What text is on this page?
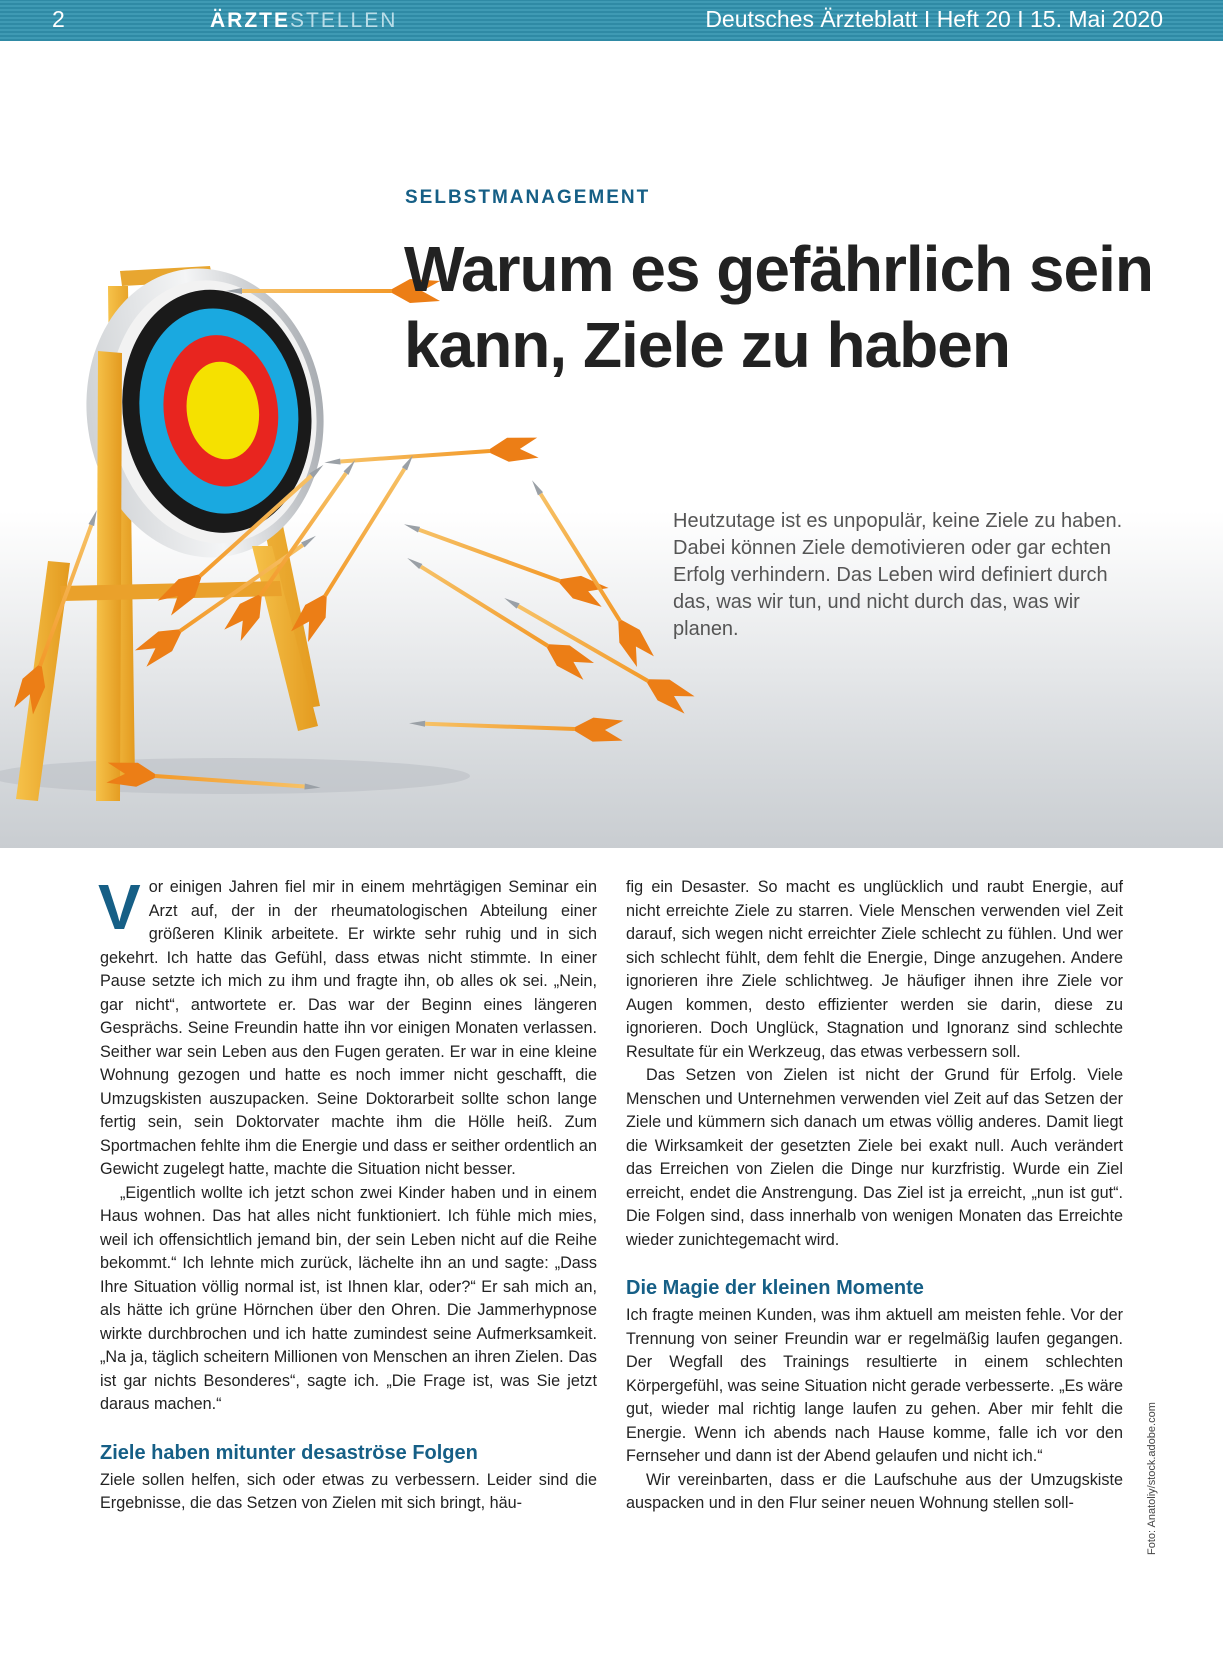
2	ÄRZTESTELLEN	Deutsches Ärzteblatt I Heft 20 I 15. Mai 2020
SELBSTMANAGEMENT
Warum es gefährlich sein
kann, Ziele zu haben
Heutzutage ist es unpopulär, keine Ziele zu haben. Dabei können Ziele demotivieren oder gar echten Erfolg verhindern. Das Leben wird definiert durch das, was wir tun, und nicht durch das, was wir planen.

Vor einigen Jahren fiel mir in einem mehrtägigen Seminar ein Arzt auf, der in der rheumatologischen Abteilung einer größeren Klinik arbeitete. Er wirkte sehr ruhig und in sich gekehrt. Ich hatte das Gefühl, dass etwas nicht stimmte. In einer Pause setzte ich mich zu ihm und fragte ihn, ob alles ok sei. „Nein, gar nicht“, antwortete er. Das war der Beginn eines längeren Gesprächs. Seine Freundin hatte ihn vor einigen Monaten verlassen. Seither war sein Leben aus den Fugen geraten. Er war in eine kleine Wohnung gezogen und hatte es noch immer nicht geschafft, die Umzugskisten auszupacken. Seine Doktorarbeit sollte schon lange fertig sein, sein Doktorvater machte ihm die Hölle heiß. Zum Sportmachen fehlte ihm die Energie und dass er seither ordentlich an Gewicht zugelegt hatte, machte die Situation nicht besser.

„Eigentlich wollte ich jetzt schon zwei Kinder haben und in einem Haus wohnen. Das hat alles nicht funktioniert. Ich fühle mich mies, weil ich offensichtlich jemand bin, der sein Leben nicht auf die Reihe bekommt.“ Ich lehnte mich zurück, lächelte ihn an und sagte: „Dass Ihre Situation völlig normal ist, ist Ihnen klar, oder?“ Er sah mich an, als hätte ich grüne Hörnchen über den Ohren. Die Jammerhypnose wirkte durchbrochen und ich hatte zumindest seine Aufmerksamkeit. „Na ja, täglich scheitern Millionen von Menschen an ihren Zielen. Das ist gar nichts Besonderes“, sagte ich. „Die Frage ist, was Sie jetzt daraus machen.“

Ziele haben mitunter desaströse Folgen

Ziele sollen helfen, sich oder etwas zu verbessern. Leider sind die Ergebnisse, die das Setzen von Zielen mit sich bringt, häu-

fig ein Desaster. So macht es unglücklich und raubt Energie, auf nicht erreichte Ziele zu starren. Viele Menschen verwenden viel Zeit darauf, sich wegen nicht erreichter Ziele schlecht zu fühlen. Und wer sich schlecht fühlt, dem fehlt die Energie, Dinge anzugehen. Andere ignorieren ihre Ziele schlichtweg. Je häufiger ihnen ihre Ziele vor Augen kommen, desto effizienter werden sie darin, diese zu ignorieren. Doch Unglück, Stagnation und Ignoranz sind schlechte Resultate für ein Werkzeug, das etwas verbessern soll.

Das Setzen von Zielen ist nicht der Grund für Erfolg. Viele Menschen und Unternehmen verwenden viel Zeit auf das Setzen der Ziele und kümmern sich danach um etwas völlig anderes. Damit liegt die Wirksamkeit der gesetzten Ziele bei exakt null. Auch verändert das Erreichen von Zielen die Dinge nur kurzfristig. Wurde ein Ziel erreicht, endet die Anstrengung. Das Ziel ist ja erreicht, „nun ist gut“. Die Folgen sind, dass innerhalb von wenigen Monaten das Erreichte wieder zunichtegemacht wird.

Die Magie der kleinen Momente

Ich fragte meinen Kunden, was ihm aktuell am meisten fehle. Vor der Trennung von seiner Freundin war er regelmäßig laufen gegangen. Der Wegfall des Trainings resultierte in einem schlechten Körpergefühl, was seine Situation nicht gerade verbesserte. „Es wäre gut, wieder mal richtig lange laufen zu gehen. Aber mir fehlt die Energie. Wenn ich abends nach Hause komme, falle ich vor den Fernseher und dann ist der Abend gelaufen und nicht ich.“

Wir vereinbarten, dass er die Laufschuhe aus der Umzugskiste auspacken und in den Flur seiner neuen Wohnung stellen soll-	Foto: Anatoliy/stock.adobe.com
